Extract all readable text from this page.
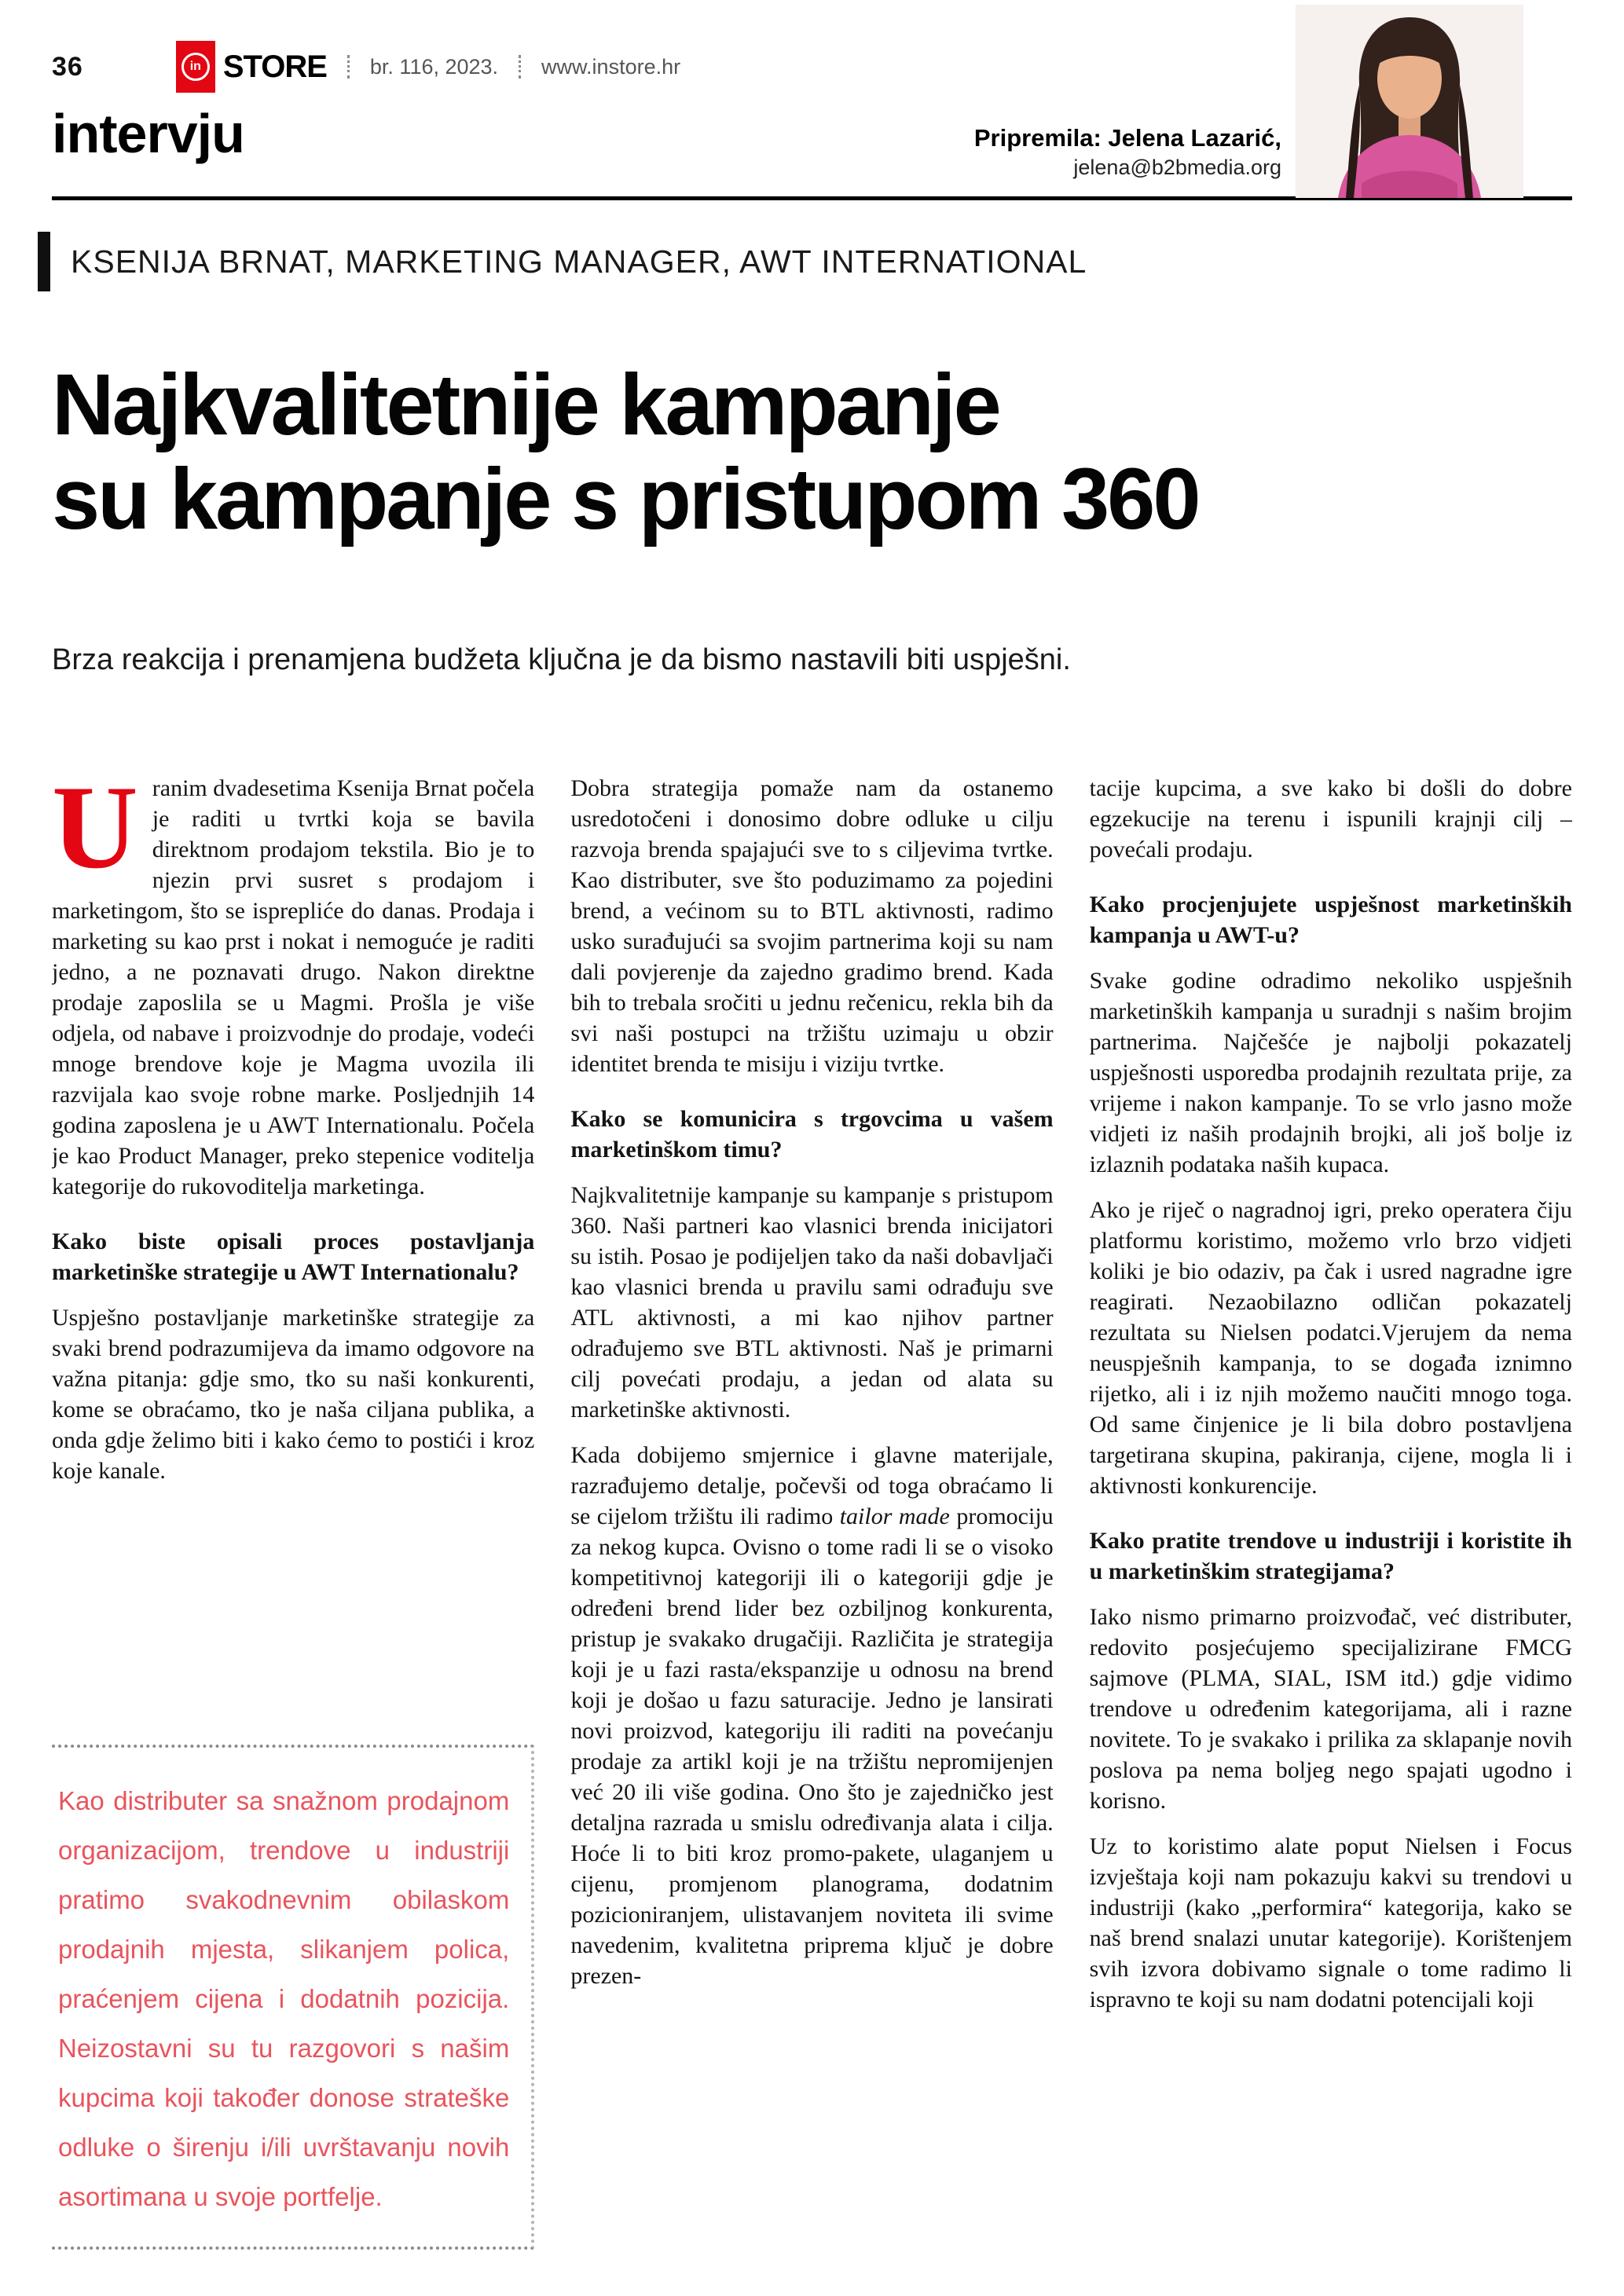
36	in STORE br. 116, 2023. www.instore.hr
intervju	Pripremila: Jelena Lazarić,
jelena@b2bmedia.org
KSENIJA BRNAT, MARKETING MANAGER, AWT INTERNATIONAL
Najkvalitetnije kampanje
su kampanje s pristupom 360

Brza reakcija i prenamjena budžeta ključna je da bismo nastavili biti uspješni.

Uranim dvadesetima Ksenija Brnat počela je raditi u tvrtki koja se bavila direktnom prodajom tekstila. Bio je to njezin prvi susret s prodajom i marketingom, što se isprepliće do danas. Prodaja i marketing su kao prst i nokat i nemoguće je raditi jedno, a ne poznavati drugo. Nakon direktne prodaje zaposlila se u Magmi. Prošla je više odjela, od nabave i proizvodnje do prodaje, vodeći mnoge brendove koje je Magma uvozila ili razvijala kao svoje robne marke. Posljednjih 14 godina zaposlena je u AWT Internationalu. Počela je kao Product Manager, preko stepenice voditelja kategorije do rukovoditelja marketinga.

Kako biste opisali proces postavljanja marketinške strategije u AWT Internationalu?

Uspješno postavljanje marketinške strategije za svaki brend podrazumijeva da imamo odgovore na važna pitanja: gdje smo, tko su naši konkurenti, kome se obraćamo, tko je naša ciljana publika, a onda gdje želimo biti i kako ćemo to postići i kroz koje kanale.

Kao distributer sa snažnom prodajnom organizacijom, trendove u industriji pratimo svakodnevnim obilaskom prodajnih mjesta, slikanjem polica, praćenjem cijena i dodatnih pozicija. Neizostavni su tu razgovori s našim kupcima koji također donose strateške odluke o širenju i/ili uvrštavanju novih asortimana u svoje portfelje.

Dobra strategija pomaže nam da ostanemo usredotočeni i donosimo dobre odluke u cilju razvoja brenda spajajući sve to s ciljevima tvrtke. Kao distributer, sve što poduzimamo za pojedini brend, a većinom su to BTL aktivnosti, radimo usko surađujući sa svojim partnerima koji su nam dali povjerenje da zajedno gradimo brend. Kada bih to trebala sročiti u jednu rečenicu, rekla bih da svi naši postupci na tržištu uzimaju u obzir identitet brenda te misiju i viziju tvrtke.

Kako se komunicira s trgovcima u vašem marketinškom timu?

Najkvalitetnije kampanje su kampanje s pristupom 360. Naši partneri kao vlasnici brenda inicijatori su istih. Posao je podijeljen tako da naši dobavljači kao vlasnici brenda u pravilu sami odrađuju sve ATL aktivnosti, a mi kao njihov partner odrađujemo sve BTL aktivnosti. Naš je primarni cilj povećati prodaju, a jedan od alata su marketinške aktivnosti.

Kada dobijemo smjernice i glavne materijale, razrađujemo detalje, počevši od toga obraćamo li se cijelom tržištu ili radimo tailor made promociju za nekog kupca. Ovisno o tome radi li se o visoko kompetitivnoj kategoriji ili o kategoriji gdje je određeni brend lider bez ozbiljnog konkurenta, pristup je svakako drugačiji. Različita je strategija koji je u fazi rasta/ekspanzije u odnosu na brend koji je došao u fazu saturacije. Jedno je lansirati novi proizvod, kategoriju ili raditi na povećanju prodaje za artikl koji je na tržištu nepromijenjen već 20 ili više godina. Ono što je zajedničko jest detaljna razrada u smislu određivanja alata i cilja. Hoće li to biti kroz promo-pakete, ulaganjem u cijenu, promjenom planograma, dodatnim pozicioniranjem, ulistavanjem noviteta ili svime navedenim, kvalitetna priprema ključ je dobre prezen-

tacije kupcima, a sve kako bi došli do dobre egzekucije na terenu i ispunili krajnji cilj – povećali prodaju.

Kako procjenjujete uspješnost marketinških kampanja u AWT-u?

Svake godine odradimo nekoliko uspješnih marketinških kampanja u suradnji s našim brojim partnerima. Najčešće je najbolji pokazatelj uspješnosti usporedba prodajnih rezultata prije, za vrijeme i nakon kampanje. To se vrlo jasno može vidjeti iz naših prodajnih brojki, ali još bolje iz izlaznih podataka naših kupaca.

Ako je riječ o nagradnoj igri, preko operatera čiju platformu koristimo, možemo vrlo brzo vidjeti koliki je bio odaziv, pa čak i usred nagradne igre reagirati. Nezaobilazno odličan pokazatelj rezultata su Nielsen podatci.Vjerujem da nema neuspješnih kampanja, to se događa iznimno rijetko, ali i iz njih možemo naučiti mnogo toga. Od same činjenice je li bila dobro postavljena targetirana skupina, pakiranja, cijene, mogla li i aktivnosti konkurencije.

Kako pratite trendove u industriji i koristite ih u marketinškim strategijama?

Iako nismo primarno proizvođač, već distributer, redovito posjećujemo specijalizirane FMCG sajmove (PLMA, SIAL, ISM itd.) gdje vidimo trendove u određenim kategorijama, ali i razne novitete. To je svakako i prilika za sklapanje novih poslova pa nema boljeg nego spajati ugodno i korisno.

Uz to koristimo alate poput Nielsen i Focus izvještaja koji nam pokazuju kakvi su trendovi u industriji (kako „performira“ kategorija, kako se naš brend snalazi unutar kategorije). Korištenjem svih izvora dobivamo signale o tome radimo li ispravno te koji su nam dodatni potencijali koji
